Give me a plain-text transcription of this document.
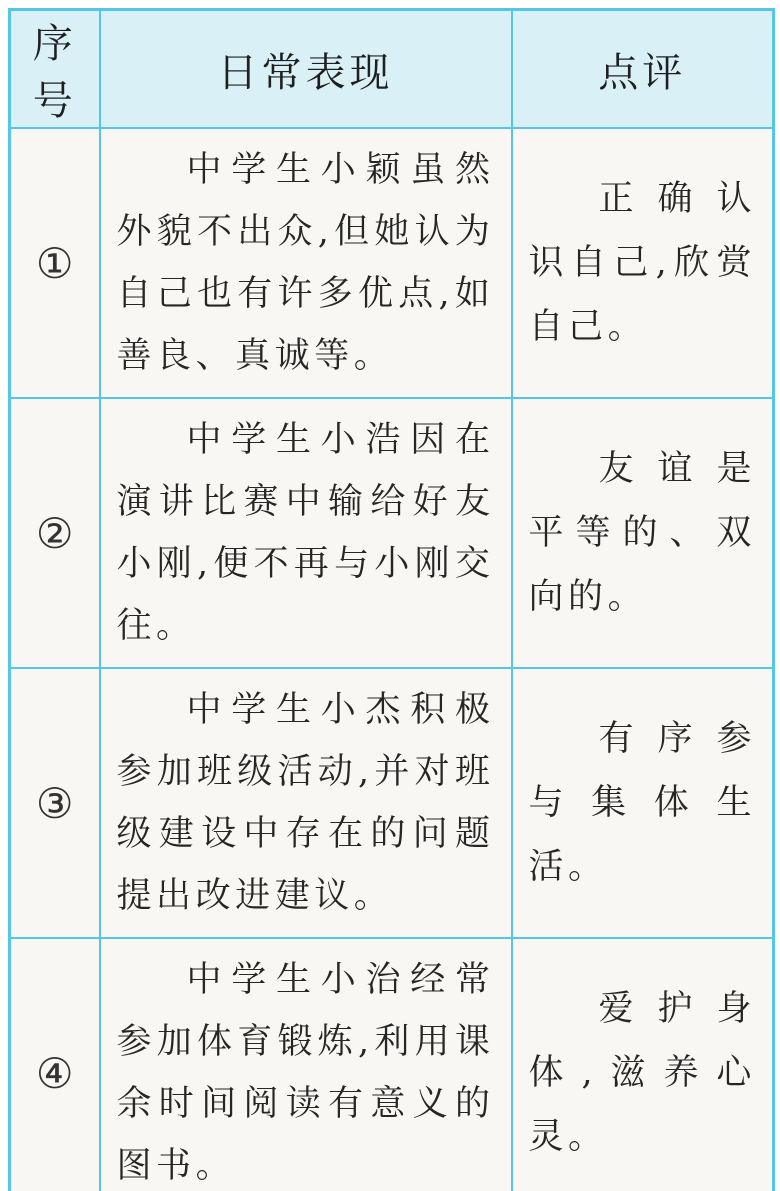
序号	日常表现	点评
①	中学生小颖虽然外貌不出众,但她认为自己也有许多优点,如善良、真诚等。	正确认识自己,欣赏自己。

②	中学生小浩因在演讲比赛中输给好友小刚,便不再与小刚交往。	友谊是平等的、双向的。

③	中学生小杰积极参加班级活动,并对班级建设中存在的问题提出改进建议。	有序参与集体生活。

④	中学生小治经常参加体育锻炼,利用课余时间阅读有意义的图书。	爱护身体,滋养心灵。
